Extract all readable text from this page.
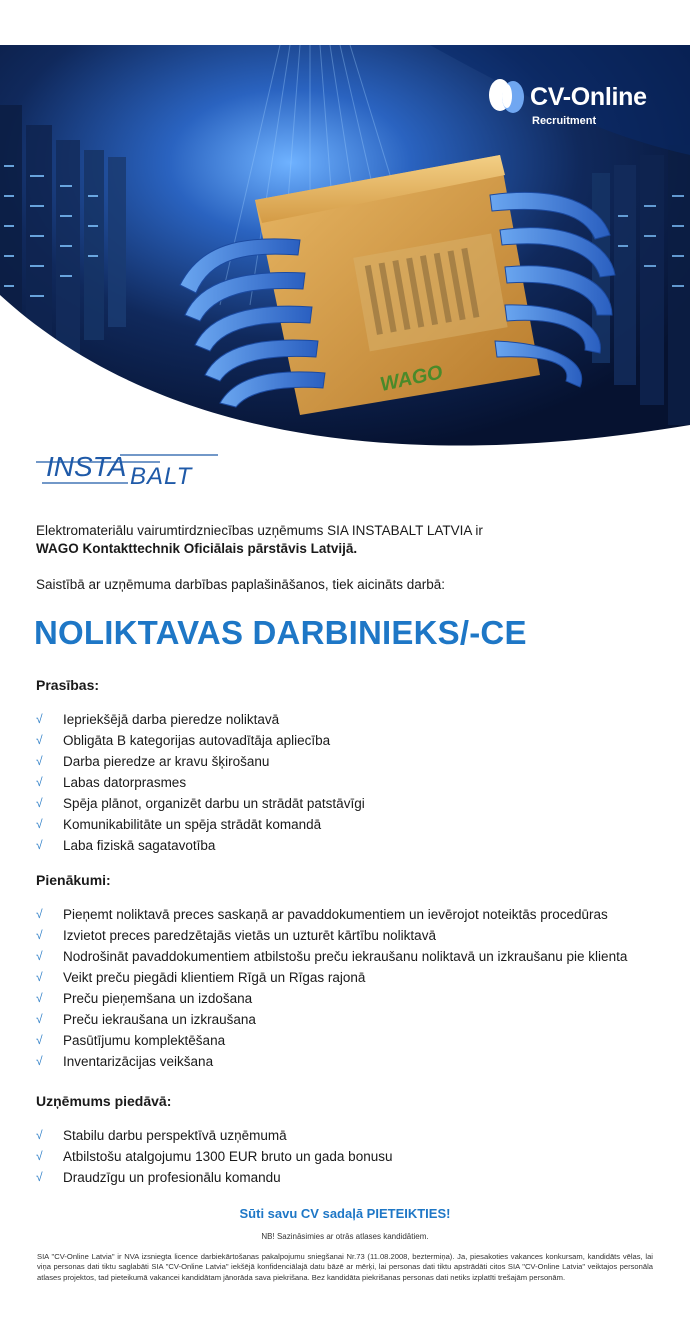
WAGO
CV-Online
Recruitment
INSTA BALT

Elektromateriālu vairumtirdzniecības uzņēmums SIA INSTABALT LATVIA ir

WAGO Kontakttechnik Oficiālais pārstāvis Latvijā.

Saistībā ar uzņēmuma darbības paplašināšanos, tiek aicināts darbā:

NOLIKTAVAS DARBINIEKS/-CE
Prasības:
√ Iepriekšējā darba pieredze noliktavā
√ Obligāta B kategorijas autovadītāja apliecība
√ Darba pieredze ar kravu šķirošanu
√ Labas datorprasmes
√ Spēja plānot, organizēt darbu un strādāt patstāvīgi
√ Komunikabilitāte un spēja strādāt komandā
√ Laba fiziskā sagatavotība
Pienākumi:
√ Pieņemt noliktavā preces saskaņā ar pavaddokumentiem un ievērojot noteiktās procedūras
√ Izvietot preces paredzētajās vietās un uzturēt kārtību noliktavā
√ Nodrošināt pavaddokumentiem atbilstošu preču iekraušanu noliktavā un izkraušanu pie klienta
√ Veikt preču piegādi klientiem Rīgā un Rīgas rajonā
√ Preču pieņemšana un izdošana
√ Preču iekraušana un izkraušana
√ Pasūtījumu komplektēšana
√ Inventarizācijas veikšana
Uzņēmums piedāvā:
√ Stabilu darbu perspektīvā uzņēmumā
√ Atbilstošu atalgojumu 1300 EUR bruto un gada bonusu
√ Draudzīgu un profesionālu komandu
Sūti savu CV sadaļā PIETEIKTIES!
NB! Sazināsimies ar otrās atlases kandidātiem.
SIA "CV-Online Latvia" ir NVA izsniegta licence darbiekārtošanas pakalpojumu sniegšanai Nr.73 (11.08.2008, beztermiņa). Ja, piesakoties vakances konkursam, kandidāts vēlas, lai viņa personas dati tiktu saglabāti SIA "CV-Online Latvia" iekšējā konfidenciālajā datu bāzē ar mērķi, lai personas dati tiktu apstrādāti citos SIA "CV-Online Latvia" veiktajos personāla atlases projektos, tad pieteikumā vakancei kandidātam jānorāda sava piekrišana. Bez kandidāta piekrišanas personas dati netiks izplatīti trešajām personām.
